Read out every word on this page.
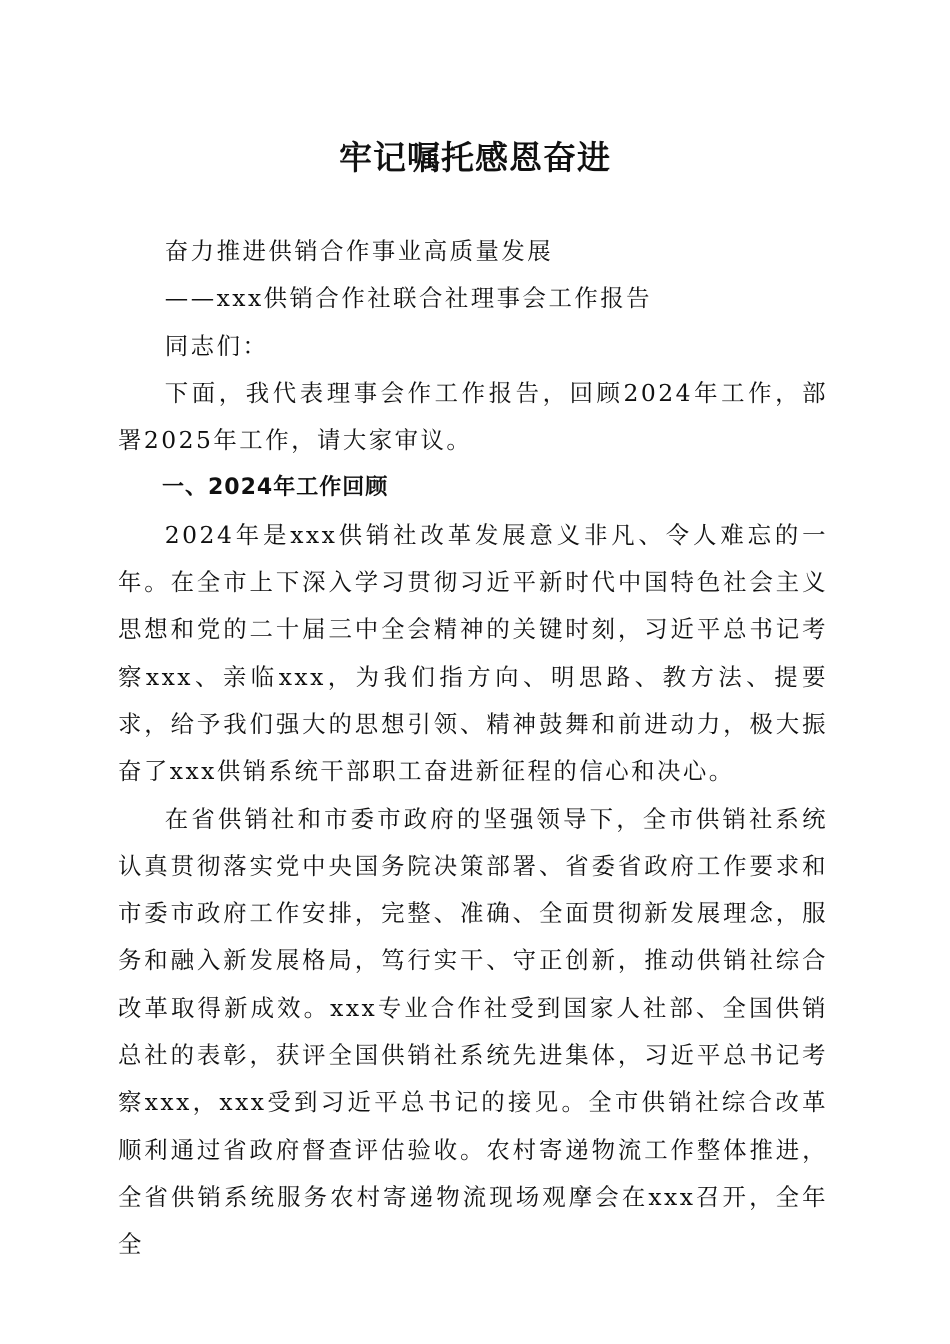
牢记嘱托感恩奋进

奋力推进供销合作事业高质量发展

——xxx供销合作社联合社理事会工作报告

同志们：

下面，我代表理事会作工作报告，回顾2024年工作，部署2025年工作，请大家审议。

一、2024年工作回顾

2024年是xxx供销社改革发展意义非凡、令人难忘的一年。在全市上下深入学习贯彻习近平新时代中国特色社会主义思想和党的二十届三中全会精神的关键时刻，习近平总书记考察xxx、亲临xxx，为我们指方向、明思路、教方法、提要求，给予我们强大的思想引领、精神鼓舞和前进动力，极大振奋了xxx供销系统干部职工奋进新征程的信心和决心。

在省供销社和市委市政府的坚强领导下，全市供销社系统认真贯彻落实党中央国务院决策部署、省委省政府工作要求和市委市政府工作安排，完整、准确、全面贯彻新发展理念，服务和融入新发展格局，笃行实干、守正创新，推动供销社综合改革取得新成效。xxx专业合作社受到国家人社部、全国供销总社的表彰，获评全国供销社系统先进集体，习近平总书记考察xxx，xxx受到习近平总书记的接见。全市供销社综合改革顺利通过省政府督查评估验收。农村寄递物流工作整体推进，全省供销系统服务农村寄递物流现场观摩会在xxx召开，全年全
